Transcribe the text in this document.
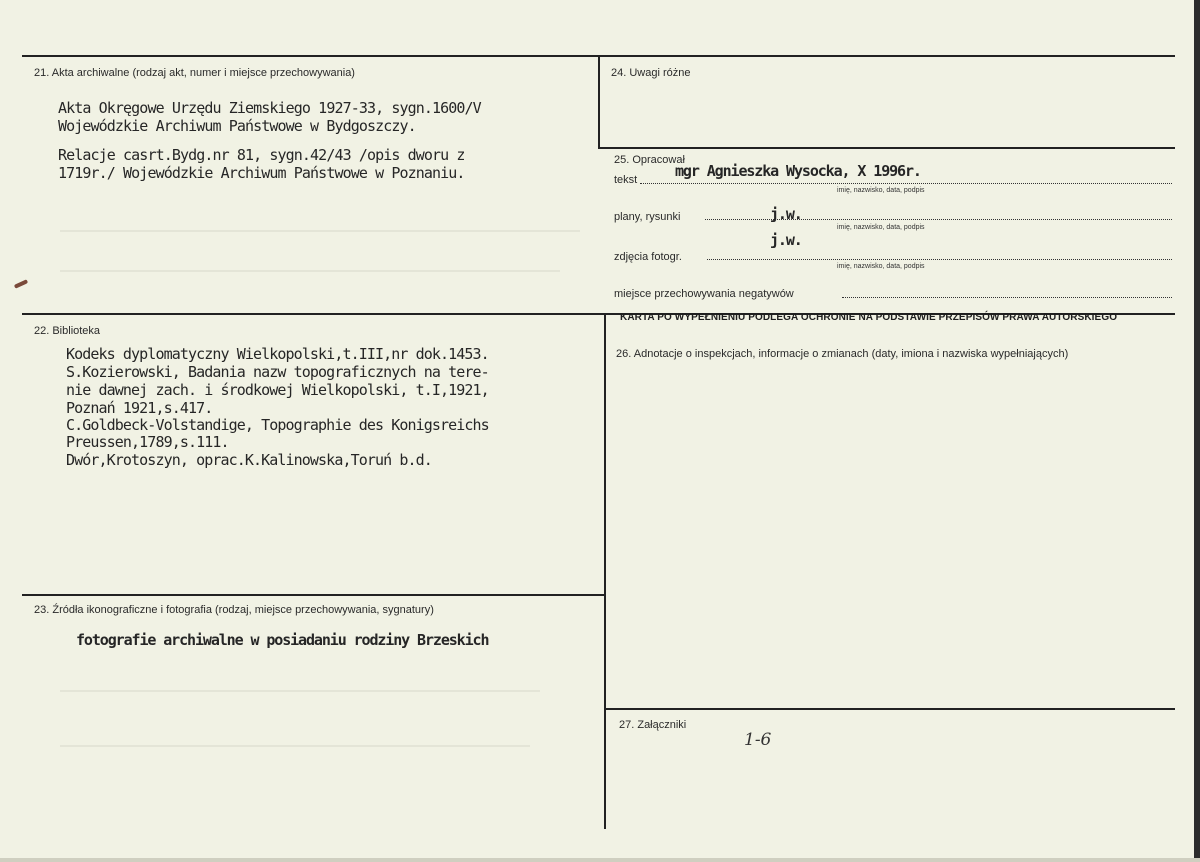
21. Akta archiwalne (rodzaj akt, numer i miejsce przechowywania)
Akta Okręgowe Urzędu Ziemskiego 1927-33, sygn.1600/V
Wojewódzkie Archiwum Państwowe w Bydgoszczy.
Relacje casrt.Bydg.nr 81, sygn.42/43 /opis dworu z
1719r./ Wojewódzkie Archiwum Państwowe w Poznaniu.
24. Uwagi różne
25. Opracował
tekst	mgr Agnieszka Wysocka, X 1996r.
imię, nazwisko, data, podpis
plany, rysunki	j.w.
imię, nazwisko, data, podpis
j.w.
zdjęcia fotogr.
imię, nazwisko, data, podpis
miejsce przechowywania negatywów
KARTA PO WYPEŁNIENIU PODLEGA OCHRONIE NA PODSTAWIE PRZEPISÓW PRAWA AUTORSKIEGO
22. Biblioteka
Kodeks dyplomatyczny Wielkopolski,t.III,nr dok.1453.
S.Kozierowski, Badania nazw topograficznych na tere-
nie dawnej zach. i środkowej Wielkopolski, t.I,1921,
Poznań 1921,s.417.
C.Goldbeck-Volstandige, Topographie des Konigsreichs
Preussen,1789,s.111.
Dwór,Krotoszyn, oprac.K.Kalinowska,Toruń b.d.
26. Adnotacje o inspekcjach, informacje o zmianach (daty, imiona i nazwiska wypełniających)
23. Źródła ikonograficzne i fotografia (rodzaj, miejsce przechowywania, sygnatury)
fotografie archiwalne w posiadaniu rodziny Brzeskich
27. Załączniki
1-6
